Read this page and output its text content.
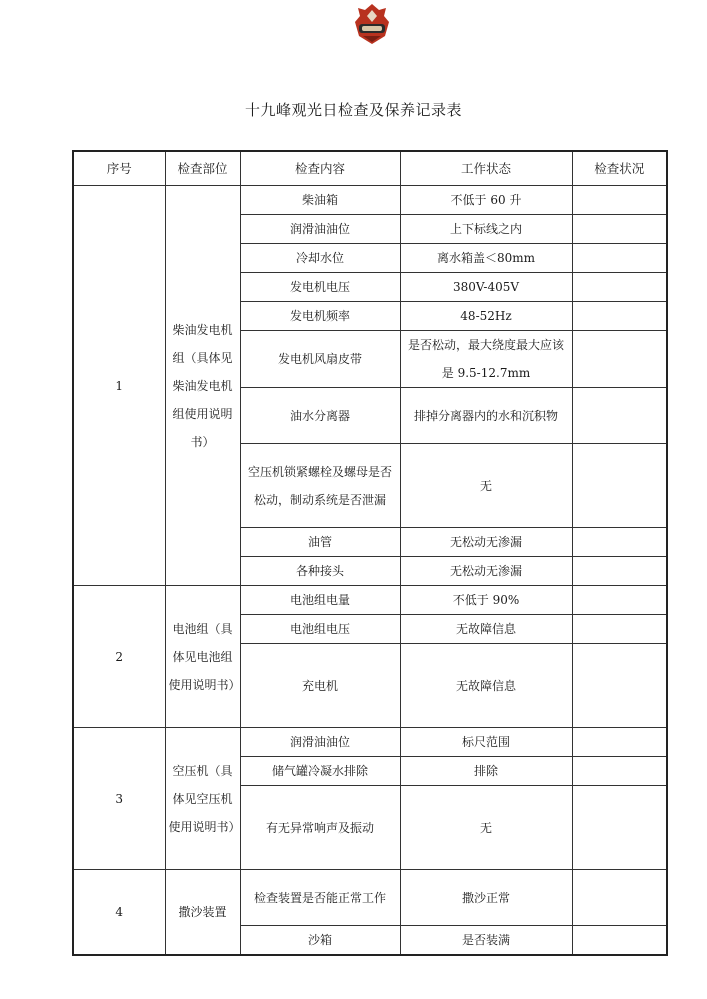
十九峰观光日检查及保养记录表
序号	检查部位	检查内容	工作状态	检查状况
1	柴油发电机组（具体见柴油发电机组使用说明书）	柴油箱	不低于 60 升	
		润滑油油位	上下标线之内	
		冷却水位	离水箱盖＜80mm	
		发电机电压	380V-405V	
		发电机频率	48-52Hz	
		发电机风扇皮带	是否松动，最大绕度最大应该是 9.5-12.7mm	
		油水分离器	排掉分离器内的水和沉积物	
		空压机锁紧螺栓及螺母是否松动，制动系统是否泄漏	无	
		油管	无松动无渗漏	
		各种接头	无松动无渗漏	
2	电池组（具体见电池组使用说明书）	电池组电量	不低于 90%	
		电池组电压	无故障信息	
		充电机	无故障信息	
3	空压机（具体见空压机使用说明书）	润滑油油位	标尺范围	
		储气罐冷凝水排除	排除	
		有无异常响声及振动	无	
4	撒沙装置	检查装置是否能正常工作	撒沙正常	
		沙箱	是否装满	
